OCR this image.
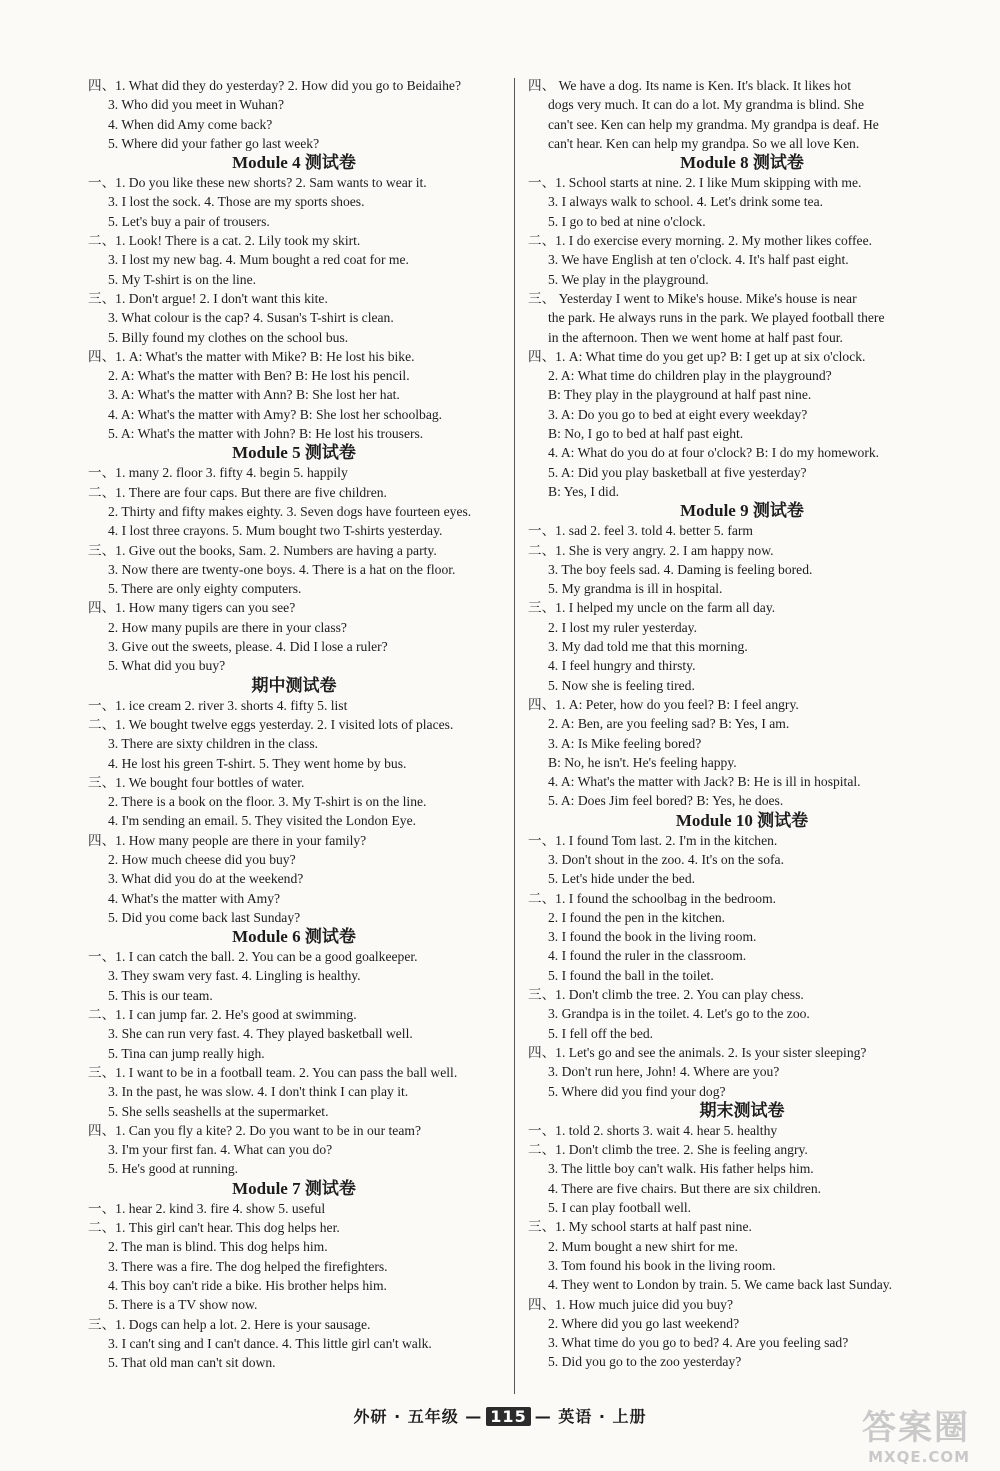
四、1. What did they do yesterday? 2. How did you go to Beidaihe?
3. Who did you meet in Wuhan?
4. When did Amy come back?
5. Where did your father go last week?
Module 4 测试卷
一、1. Do you like these new shorts? 2. Sam wants to wear it.
3. I lost the sock. 4. Those are my sports shoes.
5. Let's buy a pair of trousers.
二、1. Look! There is a cat. 2. Lily took my skirt.
3. I lost my new bag. 4. Mum bought a red coat for me.
5. My T-shirt is on the line.
三、1. Don't argue! 2. I don't want this kite.
3. What colour is the cap? 4. Susan's T-shirt is clean.
5. Billy found my clothes on the school bus.
四、1. A: What's the matter with Mike? B: He lost his bike.
2. A: What's the matter with Ben? B: He lost his pencil.
3. A: What's the matter with Ann? B: She lost her hat.
4. A: What's the matter with Amy? B: She lost her schoolbag.
5. A: What's the matter with John? B: He lost his trousers.
Module 5 测试卷
一、1. many 2. floor 3. fifty 4. begin 5. happily
二、1. There are four caps. But there are five children.
2. Thirty and fifty makes eighty. 3. Seven dogs have fourteen eyes.
4. I lost three crayons. 5. Mum bought two T-shirts yesterday.
三、1. Give out the books, Sam. 2. Numbers are having a party.
3. Now there are twenty-one boys. 4. There is a hat on the floor.
5. There are only eighty computers.
四、1. How many tigers can you see?
2. How many pupils are there in your class?
3. Give out the sweets, please. 4. Did I lose a ruler?
5. What did you buy?
期中测试卷
一、1. ice cream 2. river 3. shorts 4. fifty 5. list
二、1. We bought twelve eggs yesterday. 2. I visited lots of places.
3. There are sixty children in the class.
4. He lost his green T-shirt. 5. They went home by bus.
三、1. We bought four bottles of water.
2. There is a book on the floor. 3. My T-shirt is on the line.
4. I'm sending an email. 5. They visited the London Eye.
四、1. How many people are there in your family?
2. How much cheese did you buy?
3. What did you do at the weekend?
4. What's the matter with Amy?
5. Did you come back last Sunday?
Module 6 测试卷
一、1. I can catch the ball. 2. You can be a good goalkeeper.
3. They swam very fast. 4. Lingling is healthy.
5. This is our team.
二、1. I can jump far. 2. He's good at swimming.
3. She can run very fast. 4. They played basketball well.
5. Tina can jump really high.
三、1. I want to be in a football team. 2. You can pass the ball well.
3. In the past, he was slow. 4. I don't think I can play it.
5. She sells seashells at the supermarket.
四、1. Can you fly a kite? 2. Do you want to be in our team?
3. I'm your first fan. 4. What can you do?
5. He's good at running.
Module 7 测试卷
一、1. hear 2. kind 3. fire 4. show 5. useful
二、1. This girl can't hear. This dog helps her.
2. The man is blind. This dog helps him.
3. There was a fire. The dog helped the firefighters.
4. This boy can't ride a bike. His brother helps him.
5. There is a TV show now.
三、1. Dogs can help a lot. 2. Here is your sausage.
3. I can't sing and I can't dance. 4. This little girl can't walk.
5. That old man can't sit down.
四、 We have a dog. Its name is Ken. It's black. It likes hot
dogs very much. It can do a lot. My grandma is blind. She
can't see. Ken can help my grandma. My grandpa is deaf. He
can't hear. Ken can help my grandpa. So we all love Ken.
Module 8 测试卷
一、1. School starts at nine. 2. I like Mum skipping with me.
3. I always walk to school. 4. Let's drink some tea.
5. I go to bed at nine o'clock.
二、1. I do exercise every morning. 2. My mother likes coffee.
3. We have English at ten o'clock. 4. It's half past eight.
5. We play in the playground.
三、 Yesterday I went to Mike's house. Mike's house is near
the park. He always runs in the park. We played football there
in the afternoon. Then we went home at half past four.
四、1. A: What time do you get up? B: I get up at six o'clock.
2. A: What time do children play in the playground?
B: They play in the playground at half past nine.
3. A: Do you go to bed at eight every weekday?
B: No, I go to bed at half past eight.
4. A: What do you do at four o'clock? B: I do my homework.
5. A: Did you play basketball at five yesterday?
B: Yes, I did.
Module 9 测试卷
一、1. sad 2. feel 3. told 4. better 5. farm
二、1. She is very angry. 2. I am happy now.
3. The boy feels sad. 4. Daming is feeling bored.
5. My grandma is ill in hospital.
三、1. I helped my uncle on the farm all day.
2. I lost my ruler yesterday.
3. My dad told me that this morning.
4. I feel hungry and thirsty.
5. Now she is feeling tired.
四、1. A: Peter, how do you feel? B: I feel angry.
2. A: Ben, are you feeling sad? B: Yes, I am.
3. A: Is Mike feeling bored?
B: No, he isn't. He's feeling happy.
4. A: What's the matter with Jack? B: He is ill in hospital.
5. A: Does Jim feel bored? B: Yes, he does.
Module 10 测试卷
一、1. I found Tom last. 2. I'm in the kitchen.
3. Don't shout in the zoo. 4. It's on the sofa.
5. Let's hide under the bed.
二、1. I found the schoolbag in the bedroom.
2. I found the pen in the kitchen.
3. I found the book in the living room.
4. I found the ruler in the classroom.
5. I found the ball in the toilet.
三、1. Don't climb the tree. 2. You can play chess.
3. Grandpa is in the toilet. 4. Let's go to the zoo.
5. I fell off the bed.
四、1. Let's go and see the animals. 2. Is your sister sleeping?
3. Don't run here, John! 4. Where are you?
5. Where did you find your dog?
期末测试卷
一、1. told 2. shorts 3. wait 4. hear 5. healthy
二、1. Don't climb the tree. 2. She is feeling angry.
3. The little boy can't walk. His father helps him.
4. There are five chairs. But there are six children.
5. I can play football well.
三、1. My school starts at half past nine.
2. Mum bought a new shirt for me.
3. Tom found his book in the living room.
4. They went to London by train. 5. We came back last Sunday.
四、1. How much juice did you buy?
2. Where did you go last weekend?
3. What time do you go to bed? 4. Are you feeling sad?
5. Did you go to the zoo yesterday?
外研 · 五年级 — 115 — 英语 · 上册	答案圈
MXQE.COM
